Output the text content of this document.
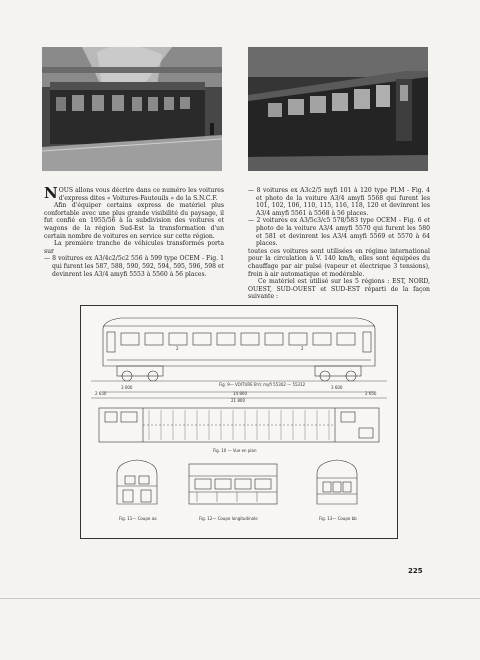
NOUS allons vous décrire dans ce numéro les voitures d'express dites « Voitures-Fauteuils » de la S.N.C.F.

Afin d'équiper certains express de matériel plus confortable avec une plus grande visibilité du paysage, il fut confié en 1955/56 à la subdivision des voitures et wagons de la région Sud-Est la transformation d'un certain nombre de voitures en service sur cette région.

La première tranche de véhicules transformés porta sur

— 8 voitures ex A3/4c2/5c2 556 à 599 type OCEM - Fig. 1 qui furent les 587, 588, 590, 592, 594, 595, 596, 598 et devinrent les A3/4 amyfi 5553 à 5560 à 56 places.

— 8 voitures ex A3c2/5 myfi 101 à 120 type PLM - Fig. 4 et photo de la voiture A3/4 amyfi 5568 qui furent les 101, 102, 106, 110, 115, 116, 118, 120 et devinrent les A3/4 amyfi 5561 à 5568 à 56 places.

— 2 voitures ex A3/5c3/c5 578/583 type OCEM - Fig. 6 et photo de la voiture A3/4 amyfi 5570 qui furent les 580 et 581 et devinrent les A3/4 amyfi 5569 et 5570 à 64 places.

toutes ces voitures sont utilisées en régime international pour la circulation à V. 140 km/h, elles sont équipées du chauffage par air pulsé (vapeur et électrique 3 tensions), frein à air automatique et modérable.

Ce matériel est utilisé sur les 5 régions : EST, NORD, OUEST, SUD-OUEST et SUD-EST réparti de la façon suivante :

2	2
3 000	3 600
Fig. 9— VOITURE B⁶/c myfi 55302 — 55312
14 800
2 650	2 650
21 800
Fig. 10 — Vue en plan
Fig. 11— Coupe aa	Fig. 12— Coupe longitudinale	Fig. 13— Coupe bb
225
